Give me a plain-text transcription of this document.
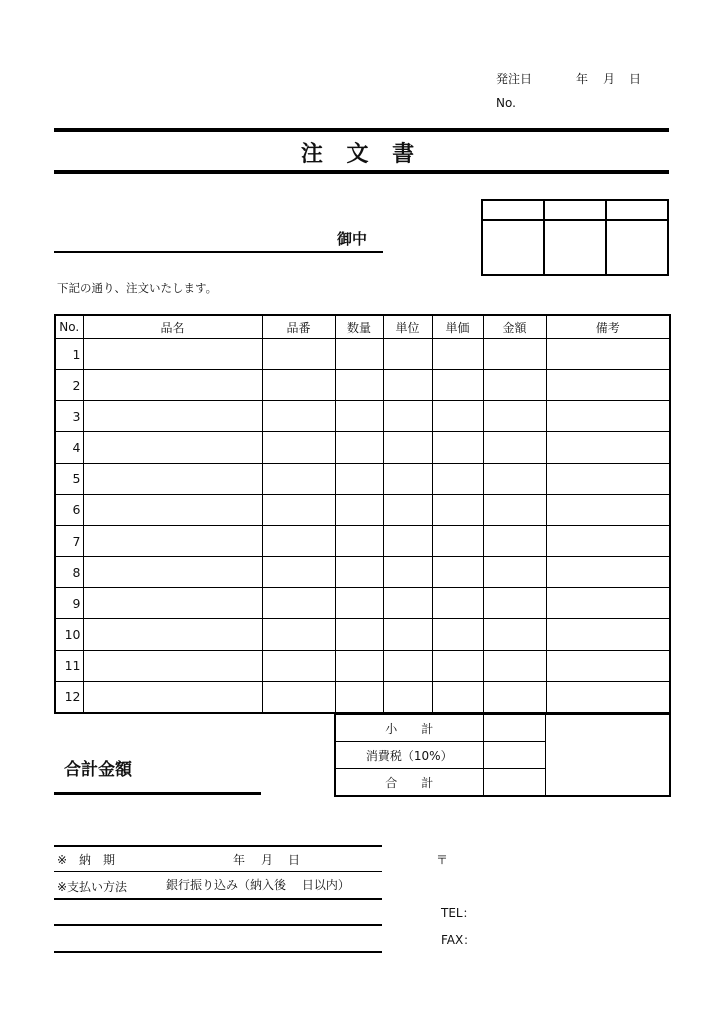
発注日	年 月 日
No.
注 文 書

御中
下記の通り、注文いたします。
No.	品名	品番	数量	単位	単価	金額	備考
1							
2							
3							
4							
5							
6							
7							
8							
9							
10							
11							
12							
小　　計		
消費税（10%）		
合　　計		
合計金額
※　納　期	年 月 日
※支払い方法	銀行振り込み（納入後　 日以内）
〒
TEL：
FAX：
